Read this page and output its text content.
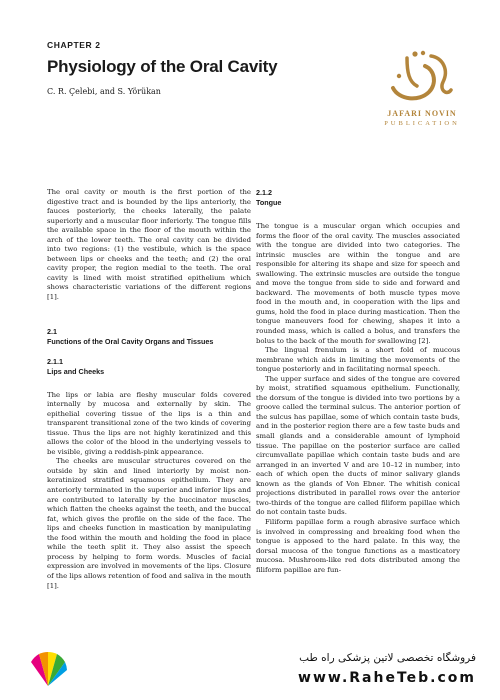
CHAPTER 2
Physiology of the Oral Cavity
C. R. Çelebi, and S. Yörükan
JAFARI NOVIN
PUBLICATION

The oral cavity or mouth is the first portion of the digestive tract and is bounded by the lips anteriorly, the fauces posteriorly, the cheeks laterally, the palate superiorly and a muscular floor inferiorly. The tongue fills the available space in the floor of the mouth within the arch of the lower teeth. The oral cavity can be divided into two regions: (1) the vestibule, which is the space between lips or cheeks and the teeth; and (2) the oral cavity proper, the region medial to the teeth. The oral cavity is lined with moist stratified epithelium which shows characteristic variations of the different regions [1].

2.1
Functions of the Oral Cavity Organs and Tissues
2.1.1
Lips and Cheeks

The lips or labia are fleshy muscular folds covered internally by mucosa and externally by skin. The epithelial covering tissue of the lips is a thin and transparent transitional zone of the two kinds of covering tissue. Thus the lips are not highly keratinized and this allows the color of the blood in the underlying vessels to be visible, giving a reddish-pink appearance.

The cheeks are muscular structures covered on the outside by skin and lined interiorly by moist non-keratinized stratified squamous epithelium. They are anteriorly terminated in the superior and inferior lips and are contributed to laterally by the buccinator muscles, which flatten the cheeks against the teeth, and the buccal fat, which gives the profile on the side of the face. The lips and cheeks function in mastication by manipulating the food within the mouth and holding the food in place while the teeth split it. They also assist the speech process by helping to form words. Muscles of facial expression are involved in movements of the lips. Closure of the lips allows retention of food and saliva in the mouth [1].

2.1.2
Tongue

The tongue is a muscular organ which occupies and forms the floor of the oral cavity. The muscles associated with the tongue are divided into two categories. The intrinsic muscles are within the tongue and are responsible for altering its shape and size for speech and swallowing. The extrinsic muscles are outside the tongue and move the tongue from side to side and forward and backward. The movements of both muscle types move food in the mouth and, in cooperation with the lips and gums, hold the food in place during mastication. Then the tongue maneuvers food for chewing, shapes it into a rounded mass, which is called a bolus, and transfers the bolus to the back of the mouth for swallowing [2].

The lingual frenulum is a short fold of mucous membrane which aids in limiting the movements of the tongue posteriorly and in facilitating normal speech.

The upper surface and sides of the tongue are covered by moist, stratified squamous epithelium. Functionally, the dorsum of the tongue is divided into two portions by a groove called the terminal sulcus. The anterior portion of the sulcus has papillae, some of which contain taste buds, and in the posterior region there are a few taste buds and small glands and a considerable amount of lymphoid tissue. The papillae on the posterior surface are called circumvallate papillae which contain taste buds and are arranged in an inverted V and are 10–12 in number, into each of which open the ducts of minor salivary glands known as the glands of Von Ebner. The whitish conical projections distributed in parallel rows over the anterior two-thirds of the tongue are called filiform papillae which do not contain taste buds.

Filiform papillae form a rough abrasive surface which is involved in compressing and breaking food when the tongue is apposed to the hard palate. In this way, the dorsal mucosa of the tongue functions as a masticatory mucosa. Mushroom-like red dots distributed among the filiform papillae are fun-

فروشگاه تخصصی لاتین پزشکی راه طب
www.RaheTeb.com
